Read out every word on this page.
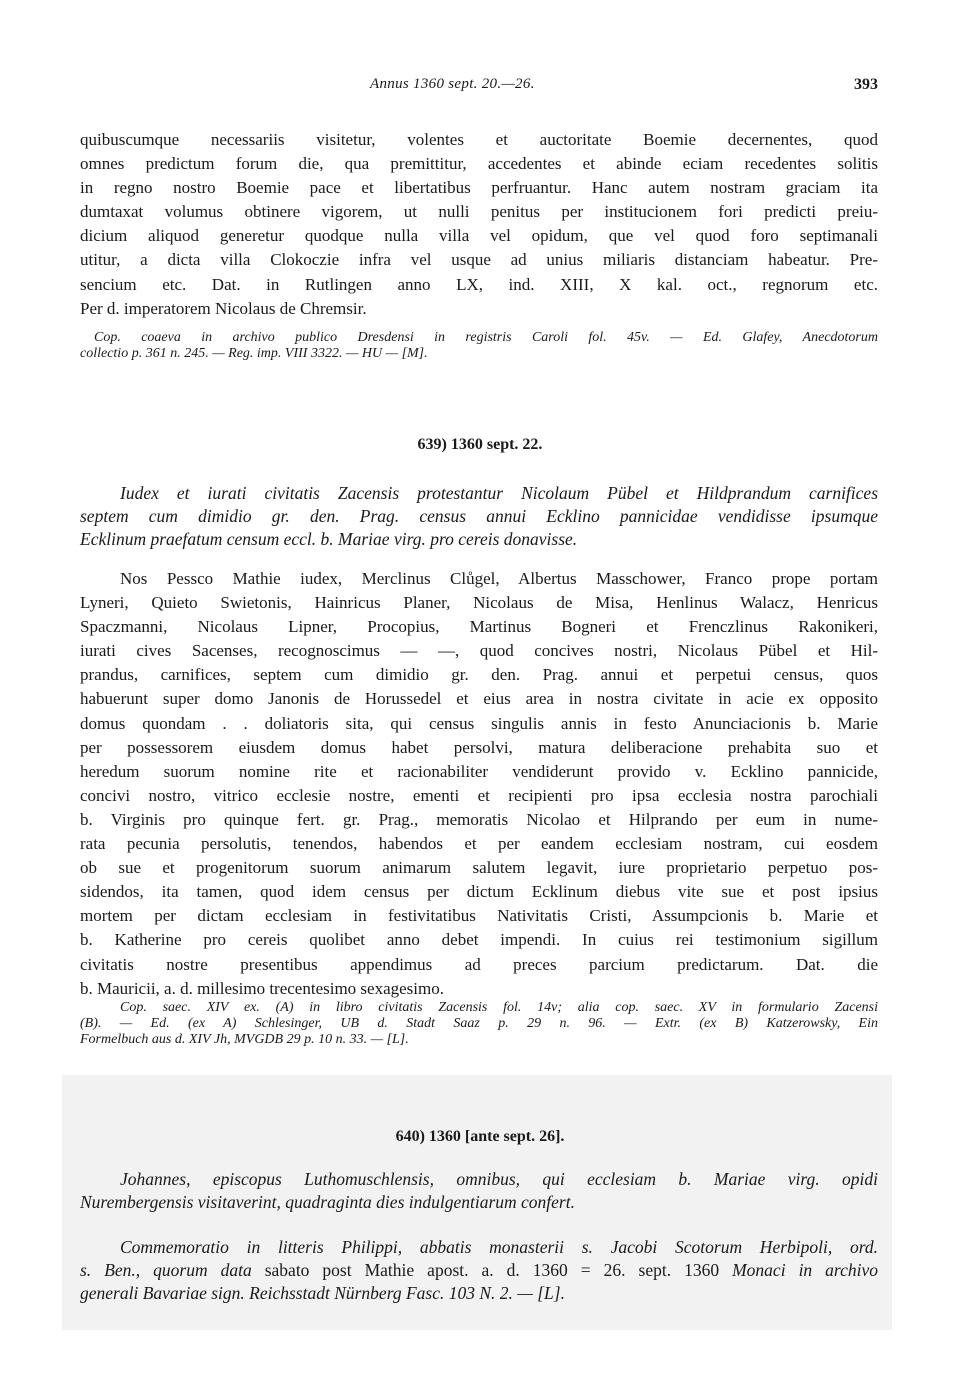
Annus 1360 sept. 20.—26.	393
quibuscumque necessariis visitetur, volentes et auctoritate Boemie decernentes, quod
omnes predictum forum die, qua premittitur, accedentes et abinde eciam recedentes solitis
in regno nostro Boemie pace et libertatibus perfruantur. Hanc autem nostram graciam ita
dumtaxat volumus obtinere vigorem, ut nulli penitus per institucionem fori predicti preiu-
dicium aliquod generetur quodque nulla villa vel opidum, que vel quod foro septimanali
utitur, a dicta villa Clokoczie infra vel usque ad unius miliaris distanciam habeatur. Pre-
sencium etc. Dat. in Rutlingen anno LX, ind. XIII, X kal. oct., regnorum etc.
Per d. imperatorem Nicolaus de Chremsir.
Cop. coaeva in archivo publico Dresdensi in registris Caroli fol. 45v. — Ed. Glafey, Anecdotorum
collectio p. 361 n. 245. — Reg. imp. VIII 3322. — HU — [M].
639) 1360 sept. 22.
Iudex et iurati civitatis Zacensis protestantur Nicolaum Pübel et Hildprandum carnifices
septem cum dimidio gr. den. Prag. census annui Ecklino pannicidae vendidisse ipsumque
Ecklinum praefatum censum eccl. b. Mariae virg. pro cereis donavisse.
Nos Pessco Mathie iudex, Merclinus Clůgel, Albertus Masschower, Franco prope portam
Lyneri, Quieto Swietonis, Hainricus Planer, Nicolaus de Misa, Henlinus Walacz, Henricus
Spaczmanni, Nicolaus Lipner, Procopius, Martinus Bogneri et Frenczlinus Rakonikeri,
iurati cives Sacenses, recognoscimus — —, quod concives nostri, Nicolaus Pübel et Hil-
prandus, carnifices, septem cum dimidio gr. den. Prag. annui et perpetui census, quos
habuerunt super domo Janonis de Horussedel et eius area in nostra civitate in acie ex opposito
domus quondam . . doliatoris sita, qui census singulis annis in festo Anunciacionis b. Marie
per possessorem eiusdem domus habet persolvi, matura deliberacione prehabita suo et
heredum suorum nomine rite et racionabiliter vendiderunt provido v. Ecklino pannicide,
concivi nostro, vitrico ecclesie nostre, ementi et recipienti pro ipsa ecclesia nostra parochiali
b. Virginis pro quinque fert. gr. Prag., memoratis Nicolao et Hilprando per eum in nume-
rata pecunia persolutis, tenendos, habendos et per eandem ecclesiam nostram, cui eosdem
ob sue et progenitorum suorum animarum salutem legavit, iure proprietario perpetuo pos-
sidendos, ita tamen, quod idem census per dictum Ecklinum diebus vite sue et post ipsius
mortem per dictam ecclesiam in festivitatibus Nativitatis Cristi, Assumpcionis b. Marie et
b. Katherine pro cereis quolibet anno debet impendi. In cuius rei testimonium sigillum
civitatis nostre presentibus appendimus ad preces parcium predictarum. Dat. die
b. Mauricii, a. d. millesimo trecentesimo sexagesimo.
Cop. saec. XIV ex. (A) in libro civitatis Zacensis fol. 14v; alia cop. saec. XV in formulario Zacensi
(B). — Ed. (ex A) Schlesinger, UB d. Stadt Saaz p. 29 n. 96. — Extr. (ex B) Katzerowsky, Ein
Formelbuch aus d. XIV Jh, MVGDB 29 p. 10 n. 33. — [L].
640) 1360 [ante sept. 26].
Johannes, episcopus Luthomuschlensis, omnibus, qui ecclesiam b. Mariae virg. opidi
Nurembergensis visitaverint, quadraginta dies indulgentiarum confert.
Commemoratio in litteris Philippi, abbatis monasterii s. Jacobi Scotorum Herbipoli, ord.
s. Ben., quorum data sabato post Mathie apost. a. d. 1360 = 26. sept. 1360 Monaci in archivo
generali Bavariae sign. Reichsstadt Nürnberg Fasc. 103 N. 2. — [L].
